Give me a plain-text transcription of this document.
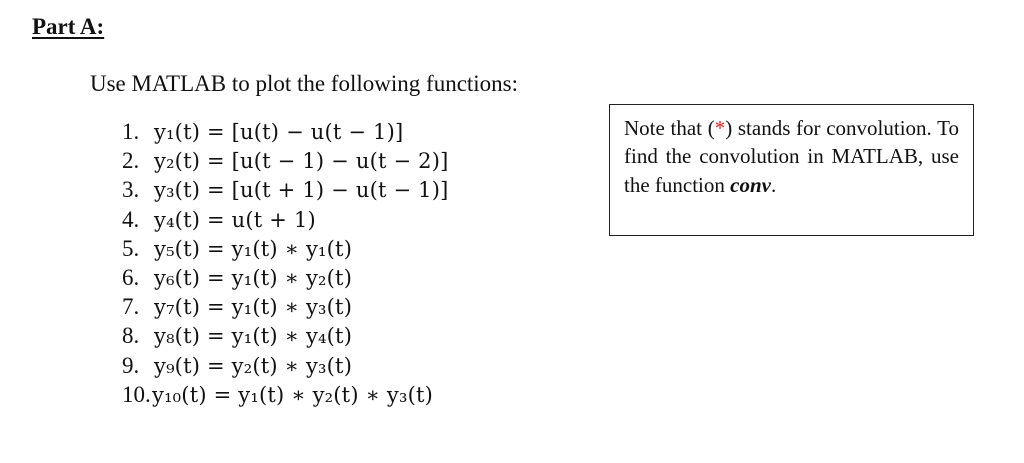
Part A:

Use MATLAB to plot the following functions:

1. y₁(t) = [u(t) − u(t − 1)]
2. y₂(t) = [u(t − 1) − u(t − 2)]
3. y₃(t) = [u(t + 1) − u(t − 1)]
4. y₄(t) = u(t + 1)
5. y₅(t) = y₁(t) ∗ y₁(t)
6. y₆(t) = y₁(t) ∗ y₂(t)
7. y₇(t) = y₁(t) ∗ y₃(t)
8. y₈(t) = y₁(t) ∗ y₄(t)
9. y₉(t) = y₂(t) ∗ y₃(t)
10. y₁₀(t) = y₁(t) ∗ y₂(t) ∗ y₃(t)

Note that (*) stands for convolution. To find the convolution in MATLAB, use the function conv.
